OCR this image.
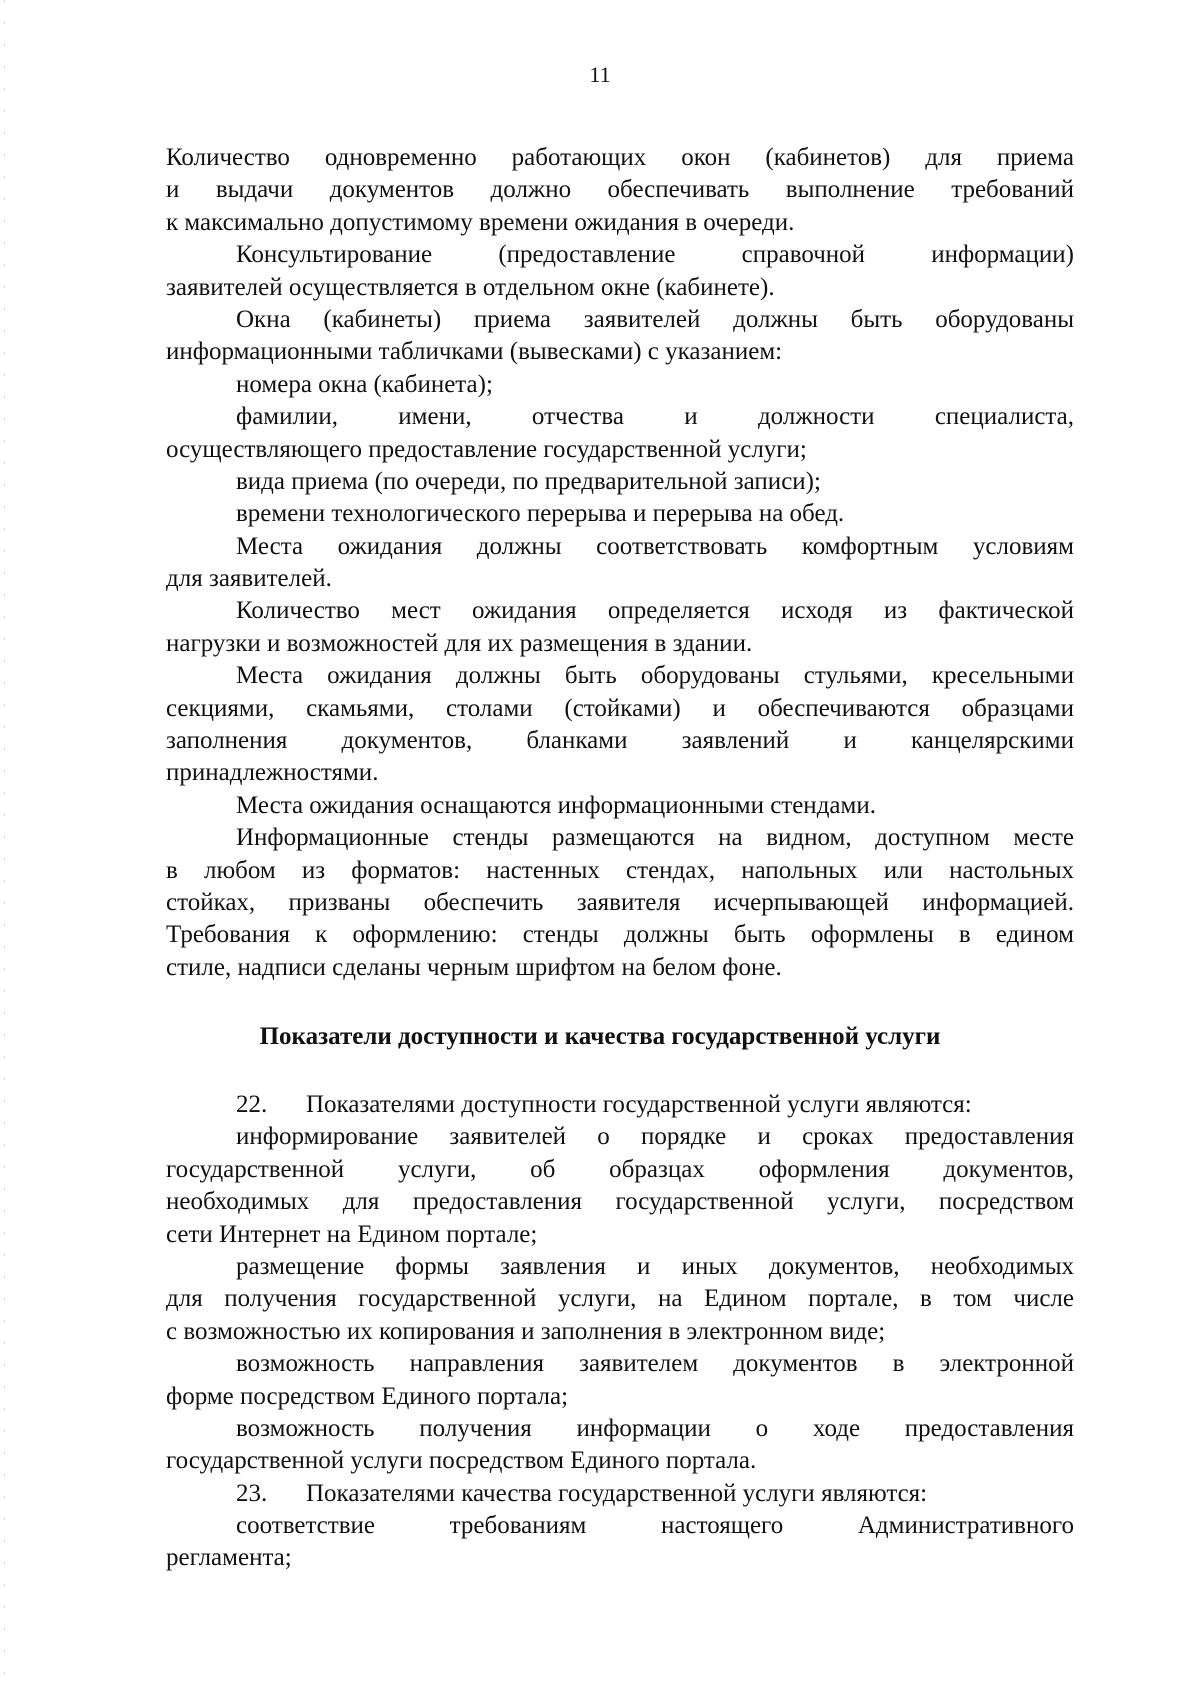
11
Количество одновременно работающих окон (кабинетов) для приема
и выдачи документов должно обеспечивать выполнение требований
к максимально допустимому времени ожидания в очереди.
Консультирование (предоставление справочной информации)
заявителей осуществляется в отдельном окне (кабинете).
Окна (кабинеты) приема заявителей должны быть оборудованы
информационными табличками (вывесками) с указанием:
номера окна (кабинета);
фамилии, имени, отчества и должности специалиста,
осуществляющего предоставление государственной услуги;
вида приема (по очереди, по предварительной записи);
времени технологического перерыва и перерыва на обед.
Места ожидания должны соответствовать комфортным условиям
для заявителей.
Количество мест ожидания определяется исходя из фактической
нагрузки и возможностей для их размещения в здании.
Места ожидания должны быть оборудованы стульями, кресельными
секциями, скамьями, столами (стойками) и обеспечиваются образцами
заполнения документов, бланками заявлений и канцелярскими
принадлежностями.
Места ожидания оснащаются информационными стендами.
Информационные стенды размещаются на видном, доступном месте
в любом из форматов: настенных стендах, напольных или настольных
стойках, призваны обеспечить заявителя исчерпывающей информацией.
Требования к оформлению: стенды должны быть оформлены в едином
стиле, надписи сделаны черным шрифтом на белом фоне.
Показатели доступности и качества государственной услуги
22. Показателями доступности государственной услуги являются:
информирование заявителей о порядке и сроках предоставления
государственной услуги, об образцах оформления документов,
необходимых для предоставления государственной услуги, посредством
сети Интернет на Едином портале;
размещение формы заявления и иных документов, необходимых
для получения государственной услуги, на Едином портале, в том числе
с возможностью их копирования и заполнения в электронном виде;
возможность направления заявителем документов в электронной
форме посредством Единого портала;
возможность получения информации о ходе предоставления
государственной услуги посредством Единого портала.
23. Показателями качества государственной услуги являются:
соответствие требованиям настоящего Административного
регламента;
